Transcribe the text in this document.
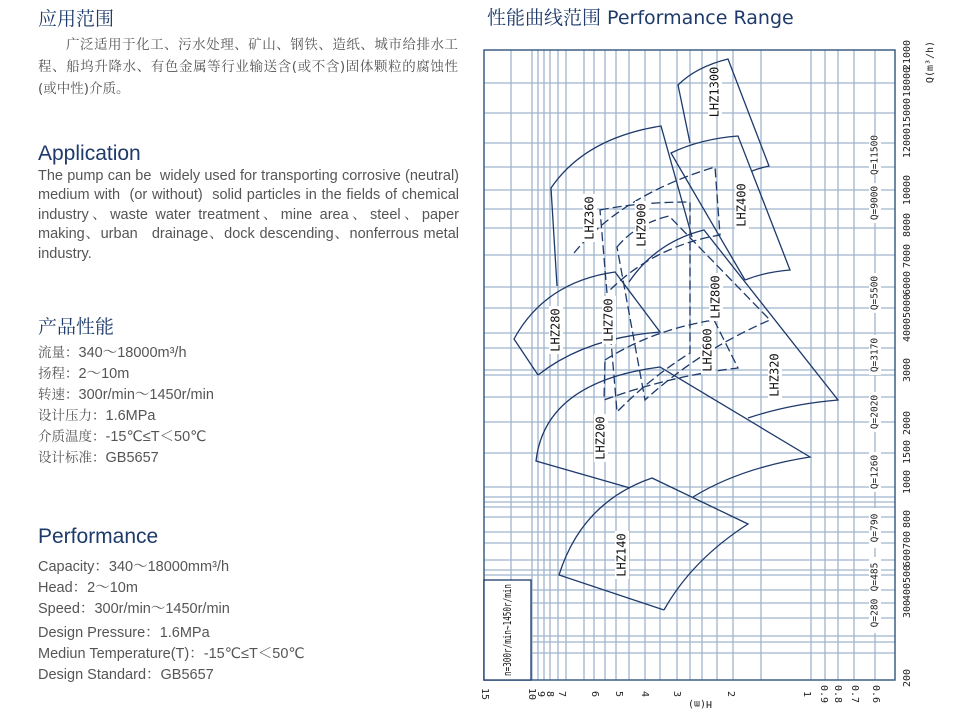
应用范围
广泛适用于化工、污水处理、矿山、钢铁、造纸、城市给排水工程、船坞升降水、有色金属等行业输送含(或不含)固体颗粒的腐蚀性(或中性)介质。
Application
The pump can be  widely used for transporting corrosive (neutral) medium with  (or without)  solid particles in the fields of chemical industry、waste water treatment、mine area、steel、paper   making、urban   drainage、dock descending、nonferrous metal industry.
产品性能
流量：340～18000m³/h
扬程：2～10m
转速：300r/min～1450r/min
设计压力：1.6MPa
介质温度：-15℃≤T＜50℃
设计标准：GB5657
Performance
Capacity：340～18000mm³/h
Head：2～10m
Speed：300r/min～1450r/min
Design Pressure：1.6MPa
Mediun Temperature(T)：-15℃≤T＜50℃
Design Standard：GB5657
性能曲线范围 Performance Range
LHZ140
LHZ200
LHZ280
LHZ320
LHZ360	LHZ400
LHZ1300
LHZ900
LHZ700
LHZ800
LHZ600
15	10
9
8 7 6 5 4 3	2	1 0.9 0.8 0.7 0.6
H(m)
21000
18000
15000
12000
10000
8000
7000
6000
5000
4000
3000
2000
1500
1000
800
600700
500
400
300
200
Q(m³/h)
Q=11500
Q=9000
Q=5500
Q=3170
Q=2020
Q=1260
Q=790
Q=485
Q=280
n=300r/min~1450r/min
